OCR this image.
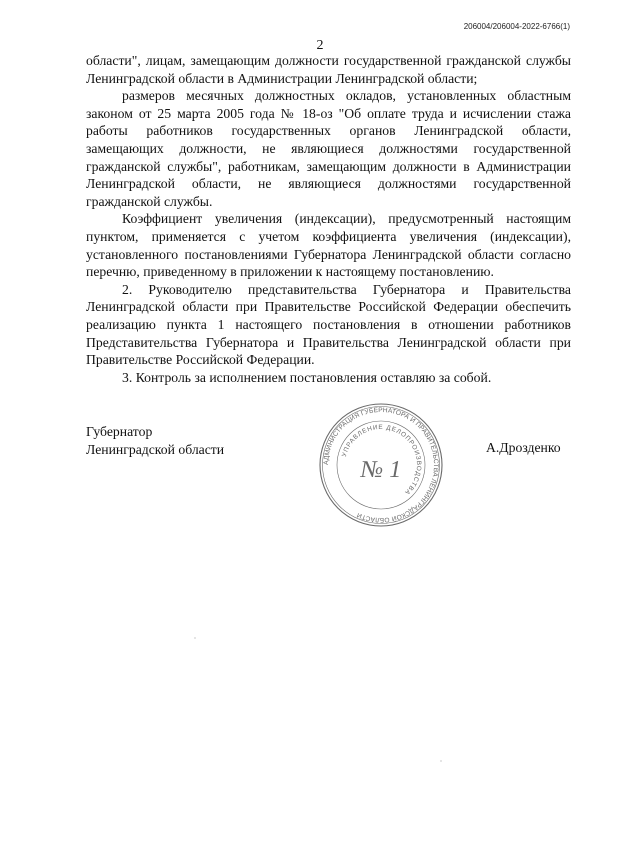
206004/206004-2022-6766(1)
2

области", лицам, замещающим должности государственной гражданской службы Ленинградской области в Администрации Ленинградской области;

размеров месячных должностных окладов, установленных областным законом от 25 марта 2005 года № 18-оз "Об оплате труда и исчислении стажа работы работников государственных органов Ленинградской области, замещающих должности, не являющиеся должностями государственной гражданской службы", работникам, замещающим должности в Администрации Ленинградской области, не являющиеся должностями государственной гражданской службы.

Коэффициент увеличения (индексации), предусмотренный настоящим пунктом, применяется с учетом коэффициента увеличения (индексации), установленного постановлениями Губернатора Ленинградской области согласно перечню, приведенному в приложении к настоящему постановлению.

2. Руководителю представительства Губернатора и Правительства Ленинградской области при Правительстве Российской Федерации обеспечить реализацию пункта 1 настоящего постановления в отношении работников Представительства Губернатора и Правительства Ленинградской области при Правительстве Российской Федерации.

3. Контроль за исполнением постановления оставляю за собой.

Губернатор
Ленинградской области	А.Дрозденко
АДМИНИСТРАЦИЯ ГУБЕРНАТОРА И ПРАВИТЕЛЬСТВА ЛЕНИНГРАДСКОЙ ОБЛАСТИ
УПРАВЛЕНИЕ ДЕЛОПРОИЗВОДСТВА
№ 1
